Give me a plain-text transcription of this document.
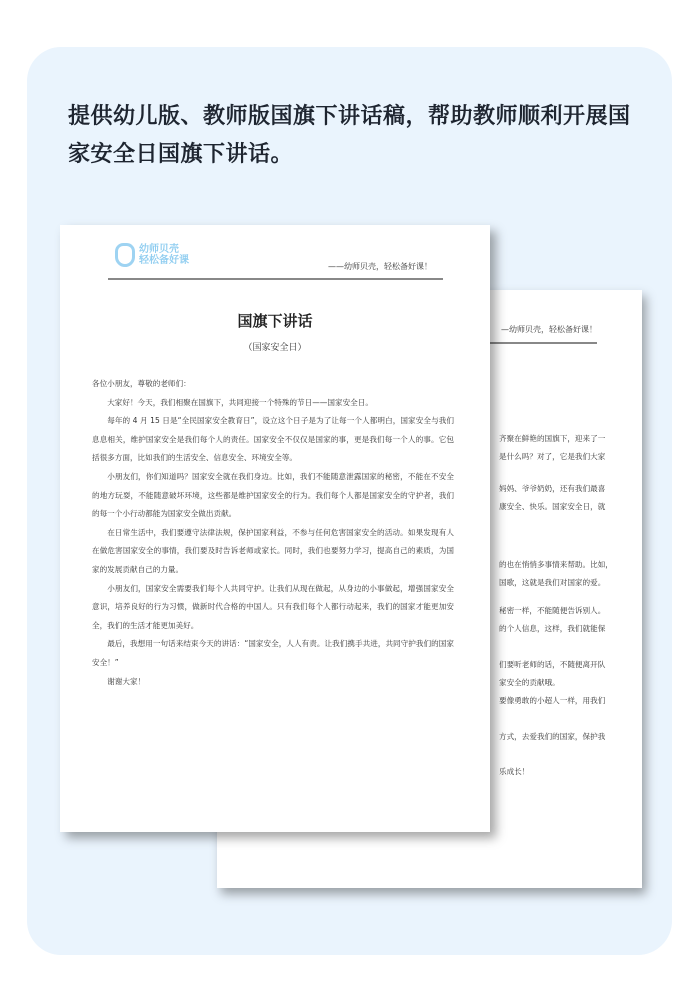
提供幼儿版、教师版国旗下讲话稿，帮助教师顺利开展国家安全日国旗下讲话。
—幼师贝壳，轻松备好课！
齐聚在鲜艳的国旗下，迎来了一
是什么吗？对了，它是我们大家
妈妈、爷爷奶奶，还有我们最喜
康安全、快乐。国家安全日，就
的也在悄悄多事情来帮助。比如，
国歌，这就是我们对国家的爱。
秘密一样，不能随便告诉别人。
的个人信息，这样，我们就能保
们要听老师的话，不随便离开队
家安全的贡献哦。
要像勇敢的小超人一样，用我们
方式，去爱我们的国家，保护我
乐成长！
幼师贝壳
轻松备好课
——幼师贝壳，轻松备好课！
国旗下讲话
（国家安全日）

各位小朋友，尊敬的老师们：

大家好！今天，我们相聚在国旗下，共同迎接一个特殊的节日——国家安全日。

每年的 4 月 15 日是“全民国家安全教育日”，设立这个日子是为了让每一个人都明白，国家安全与我们息息相关，维护国家安全是我们每个人的责任。国家安全不仅仅是国家的事，更是我们每一个人的事。它包括很多方面，比如我们的生活安全、信息安全、环境安全等。

小朋友们，你们知道吗？国家安全就在我们身边。比如，我们不能随意泄露国家的秘密，不能在不安全的地方玩耍，不能随意破坏环境，这些都是维护国家安全的行为。我们每个人都是国家安全的守护者，我们的每一个小行动都能为国家安全做出贡献。

在日常生活中，我们要遵守法律法规，保护国家利益，不参与任何危害国家安全的活动。如果发现有人在做危害国家安全的事情，我们要及时告诉老师或家长。同时，我们也要努力学习，提高自己的素质，为国家的发展贡献自己的力量。

小朋友们，国家安全需要我们每个人共同守护。让我们从现在做起，从身边的小事做起，增强国家安全意识，培养良好的行为习惯，做新时代合格的中国人。只有我们每个人都行动起来，我们的国家才能更加安全，我们的生活才能更加美好。

最后，我想用一句话来结束今天的讲话：“国家安全，人人有责。让我们携手共进，共同守护我们的国家安全！”

谢谢大家！
